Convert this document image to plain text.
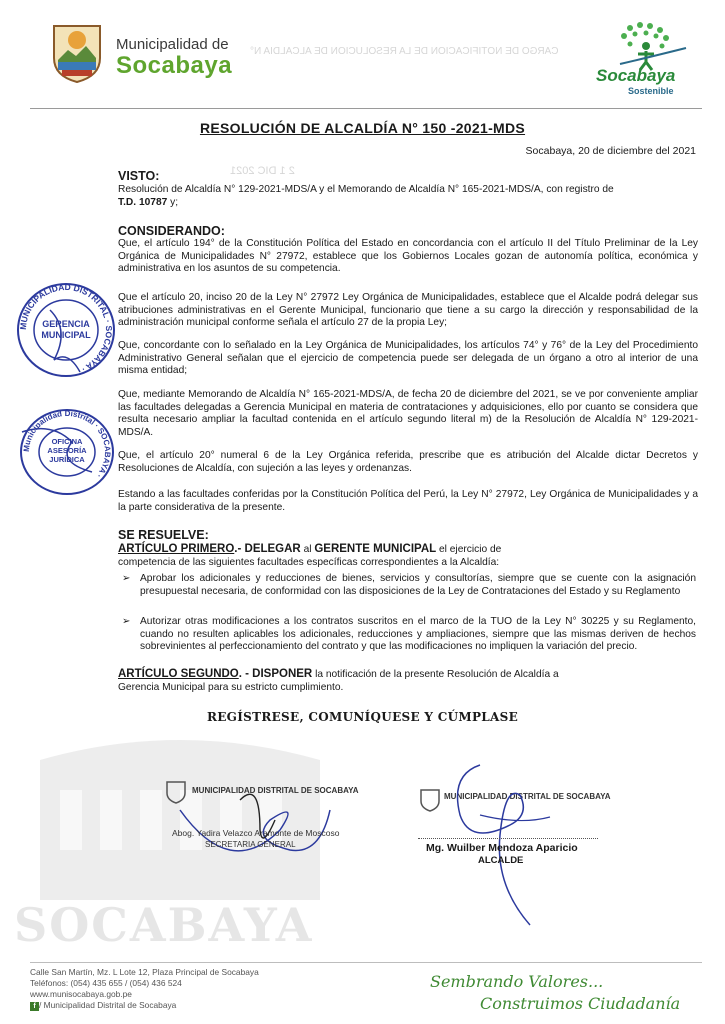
Municipalidad de
Socabaya	Socabaya
Sostenible
CARGO DE NOTIFICACION DE LA RESOLUCION DE ALCALDIA N°
2 1 DIC 2021
RESOLUCIÓN DE ALCALDÍA N° 150 -2021-MDS
Socabaya, 20 de diciembre del 2021
VISTO:
Resolución de Alcaldía N° 129-2021-MDS/A y el Memorando de Alcaldía N° 165-2021-MDS/A, con registro de
T.D. 10787 y;
CONSIDERANDO:

Que, el artículo 194° de la Constitución Política del Estado en concordancia con el artículo II del Título Preliminar de la Ley Orgánica de Municipalidades N° 27972, establece que los Gobiernos Locales gozan de autonomía política, económica y administrativa en los asuntos de su competencia.

Que el artículo 20, inciso 20 de la Ley N° 27972 Ley Orgánica de Municipalidades, establece que el Alcalde podrá delegar sus atribuciones administrativas en el Gerente Municipal, funcionario que tiene a su cargo la dirección y responsabilidad de la administración municipal conforme señala el artículo 27 de la propia Ley;

Que, concordante con lo señalado en la Ley Orgánica de Municipalidades, los artículos 74° y 76° de la Ley del Procedimiento Administrativo General señalan que el ejercicio de competencia puede ser delegada de un órgano a otro al interior de una misma entidad;

Que, mediante Memorando de Alcaldía N° 165-2021-MDS/A, de fecha 20 de diciembre del 2021, se ve por conveniente ampliar las facultades delegadas a Gerencia Municipal en materia de contrataciones y adquisiciones, ello por cuanto se considera que resulta necesario ampliar la facultad contenida en el artículo segundo literal m) de la Resolución de Alcaldía N° 129-2021-MDS/A.

Que, el artículo 20° numeral 6 de la Ley Orgánica referida, prescribe que es atribución del Alcalde dictar Decretos y Resoluciones de Alcaldía, con sujeción a las leyes y ordenanzas.

Estando a las facultades conferidas por la Constitución Política del Perú, la Ley N° 27972, Ley Orgánica de Municipalidades y a la parte considerativa de la presente.

SE RESUELVE:
ARTÍCULO PRIMERO.- DELEGAR al GERENTE MUNICIPAL el ejercicio de
competencia de las siguientes facultades específicas correspondientes a la Alcaldía:
➢ Aprobar los adicionales y reducciones de bienes, servicios y consultorías, siempre que se cuente con la asignación presupuestal necesaria, de conformidad con las disposiciones de la Ley de Contrataciones del Estado y su Reglamento

➢ Autorizar otras modificaciones a los contratos suscritos en el marco de la TUO de la Ley N° 30225 y su Reglamento, cuando no resulten aplicables los adicionales, reducciones y ampliaciones, siempre que las mismas deriven de hechos sobrevinientes al perfeccionamiento del contrato y que las modificaciones no impliquen la variación del precio.

ARTÍCULO SEGUNDO. - DISPONER la notificación de la presente Resolución de Alcaldía a
Gerencia Municipal para su estricto cumplimiento.
REGÍSTRESE, COMUNÍQUESE Y CÚMPLASE
MUNICIPALIDAD DISTRITAL · SOCABAYA ·
GERENCIA
MUNICIPAL
Municipalidad Distrital · SOCABAYA ·
OFICINA
ASESORÍA
JURÍDICA
SOCABAYA
MUNICIPALIDAD DISTRITAL DE SOCABAYA
Abog. Yadira Velazco Aramonte de Moscoso
SECRETARIA GENERAL
MUNICIPALIDAD DISTRITAL DE SOCABAYA
Mg. Wuilber Mendoza Aparicio
ALCALDE
Calle San Martín, Mz. L Lote 12, Plaza Principal de Socabaya
Teléfonos: (054) 435 655 / (054) 436 524
www.munisocabaya.gob.pe
f / Municipalidad Distrital de Socabaya
Sembrando Valores...
Construimos Ciudadanía
